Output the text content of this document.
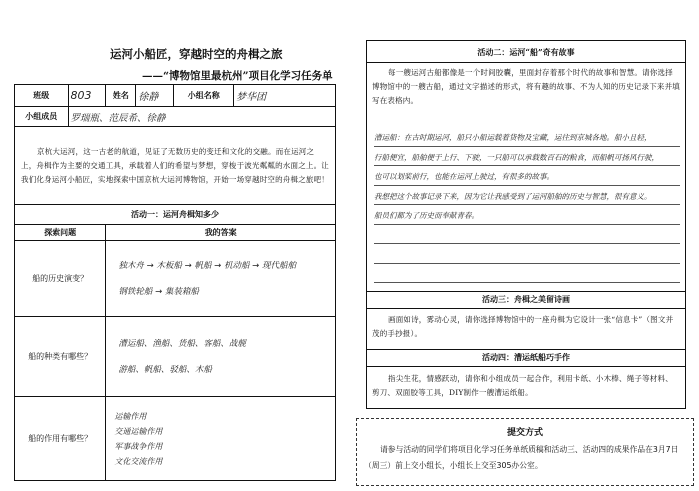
运河小船匠，穿越时空的舟楫之旅
——“博物馆里最杭州”项目化学习任务单
班级	803	姓名	徐静	小组名称	梦华团
小组成员	罗瑞瓶、范辰希、徐静				

京杭大运河，这一古老的航道，见证了无数历史的变迁和文化的交融。而在运河之上，舟楫作为主要的交通工具，承载着人们的希望与梦想，穿梭于波光粼粼的水面之上。让我们化身运河小船匠，实地探索中国京杭大运河博物馆，开始一场穿越时空的舟楫之旅吧！					

活动一：运河舟楫知多少					
探索问题		我的答案			
船的历史演变？		独木舟 → 木板船 → 帆船 → 机动船 → 现代船舶
钢铁轮船 → 集装箱船			

船的种类有哪些？		漕运船、渔船、货船、客船、战舰
游船、帆船、驳船、木船			

船的作用有哪些？		运输作用
交通运输作用
军事战争作用
文化交流作用			
活动二：运河“船”奇有故事
每一艘运河古船都像是一个时间胶囊，里面封存着那个时代的故事和智慧。请你选择博物馆中的一艘古船，通过文字描述的形式，将有趣的故事、不为人知的历史记录下来并填写在表格内。
漕运船：在古时期运河，船只小船运载着货物及宝藏，运往到京城各地。船小且轻，
行船便宜，船舶便于上行、下驶，一只船可以承载数百石的粮食，而船帆可扬风行驶，
也可以划桨前行，也能在运河上驶过，有很多的故事。
我想把这个故事记录下来，因为它让我感受到了运河船舶的历史与智慧，很有意义。
船员们都为了历史而奉献青春。
活动三：舟楫之美留诗画
画面如诗，雾动心灵，请你选择博物馆中的一座舟楫为它设计一张“信息卡”（图文并茂的手抄报）。
活动四：漕运纸船巧手作
指尖生花，情感跃动，请你和小组成员一起合作，利用卡纸、小木棒、绳子等材料、剪刀、双面胶等工具，DIY制作一艘漕运纸船。
提交方式
请参与活动的同学们将项目化学习任务单纸质稿和活动三、活动四的成果作品在3月7日（周三）前上交小组长，小组长上交至305办公室。
